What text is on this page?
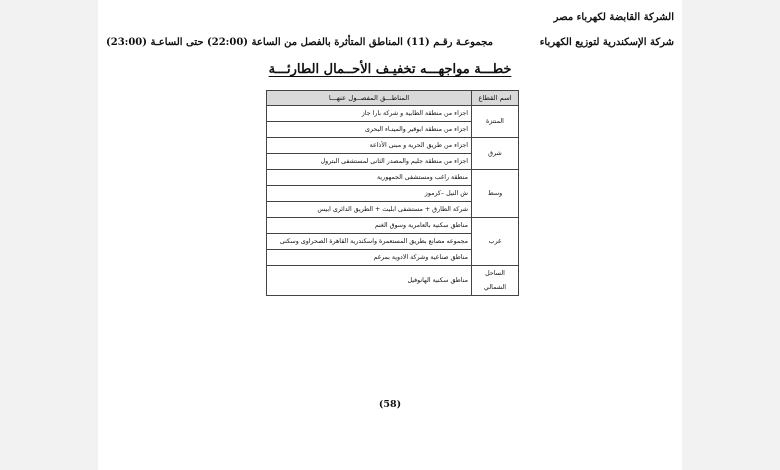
الشركة القابضة لكهرباء مصر
شركة الإسكندرية لتوزيع الكهرباء
مجموعـة رقـم (11) المناطق المتأثرة بالفصل من الساعة (22:00) حتى الساعـة (23:00)
خطـــة مواجهـــه تخفيـف الأحــمال الطارئـــة
اسم القطاع	المناطـــق المفصــول عنهـــا
المنتزة	اجزاء من منطقة الطابية و شركة بارا جاز
	اجزاء من منطقة ابوقير والمينـاء البحرى
شرق	اجزاء من طريق الحرية و مبنى الأذاعة
	اجزاء من منطقة جليم والمصدر الثانى لمستشفى البترول
وسط	منطقة راغب ومستشفى الجمهورية
	ش النيل –كرموز
	شركة الطارق + مستشفى ابليت + الطريق الدائرى ابيس
غرب	مناطق سكنية بالعامرية وسوق الغنم
	مجموعه مصانع بطريق المستعمرة واسكندرية القاهرة الصحراوى وسكنى
	مناطق صناعية وشركة الادوية بمرغم
الساحل الشمالي	مناطق سكنية الهانوفيل
(58)
